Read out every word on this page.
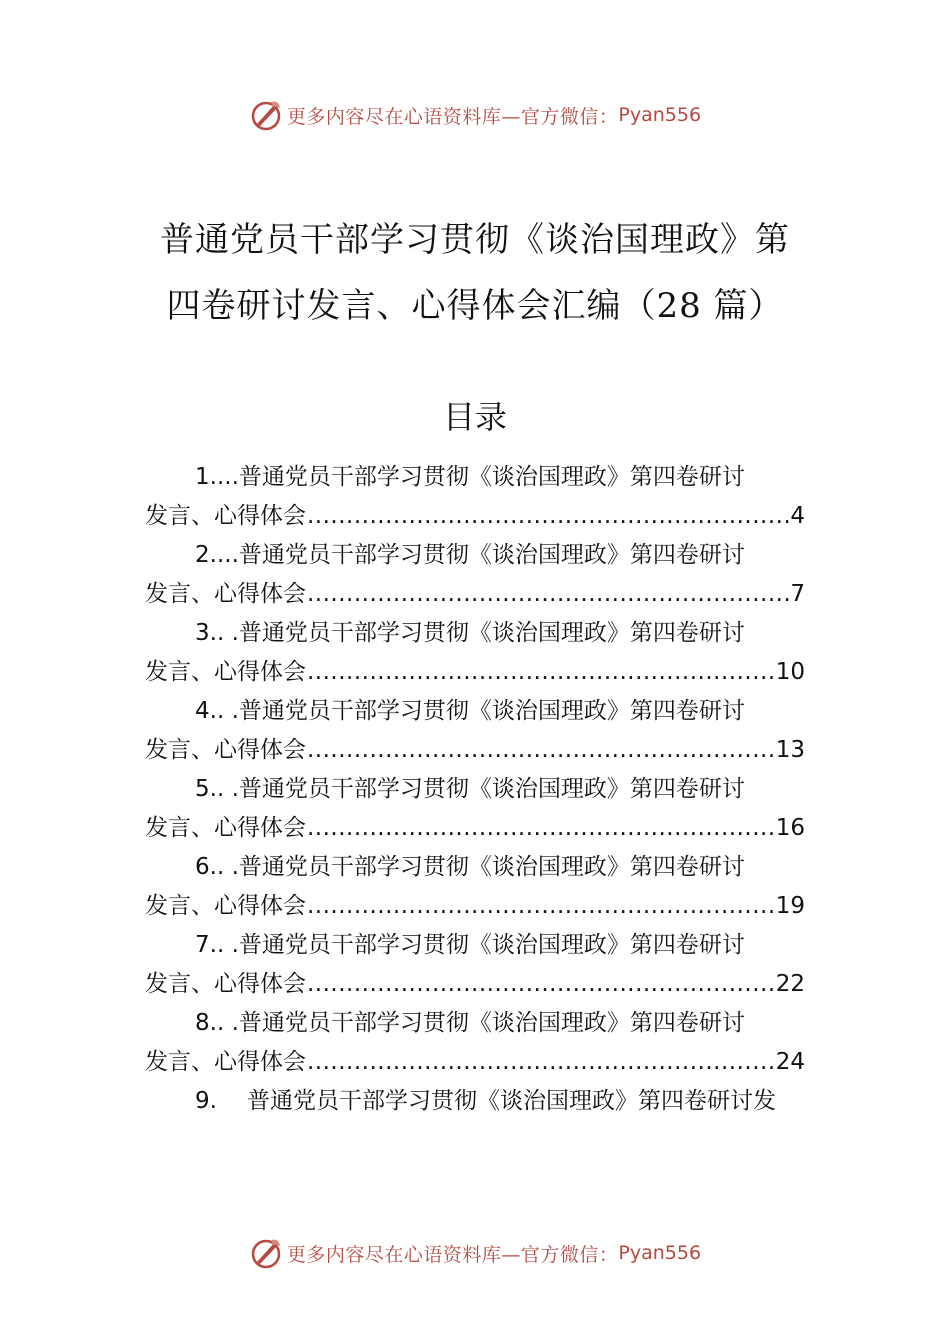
更多内容尽在心语资料库—官方微信： Pyan556
普通党员干部学习贯彻《谈治国理政》第
四卷研讨发言、心得体会汇编（28 篇）
目录
1....普通党员干部学习贯彻《谈治国理政》第四卷研讨
发言、心得体会 .....	4
2....普通党员干部学习贯彻《谈治国理政》第四卷研讨
发言、心得体会 .....	7
3.. .普通党员干部学习贯彻《谈治国理政》第四卷研讨
发言、心得体会 .....	10
4.. .普通党员干部学习贯彻《谈治国理政》第四卷研讨
发言、心得体会 .....	13
5.. .普通党员干部学习贯彻《谈治国理政》第四卷研讨
发言、心得体会 .....	16
6.. .普通党员干部学习贯彻《谈治国理政》第四卷研讨
发言、心得体会 .....	19
7.. .普通党员干部学习贯彻《谈治国理政》第四卷研讨
发言、心得体会 .....	22
8.. .普通党员干部学习贯彻《谈治国理政》第四卷研讨
发言、心得体会 .....	24
9. 普通党员干部学习贯彻《谈治国理政》第四卷研讨发
更多内容尽在心语资料库—官方微信： Pyan556
